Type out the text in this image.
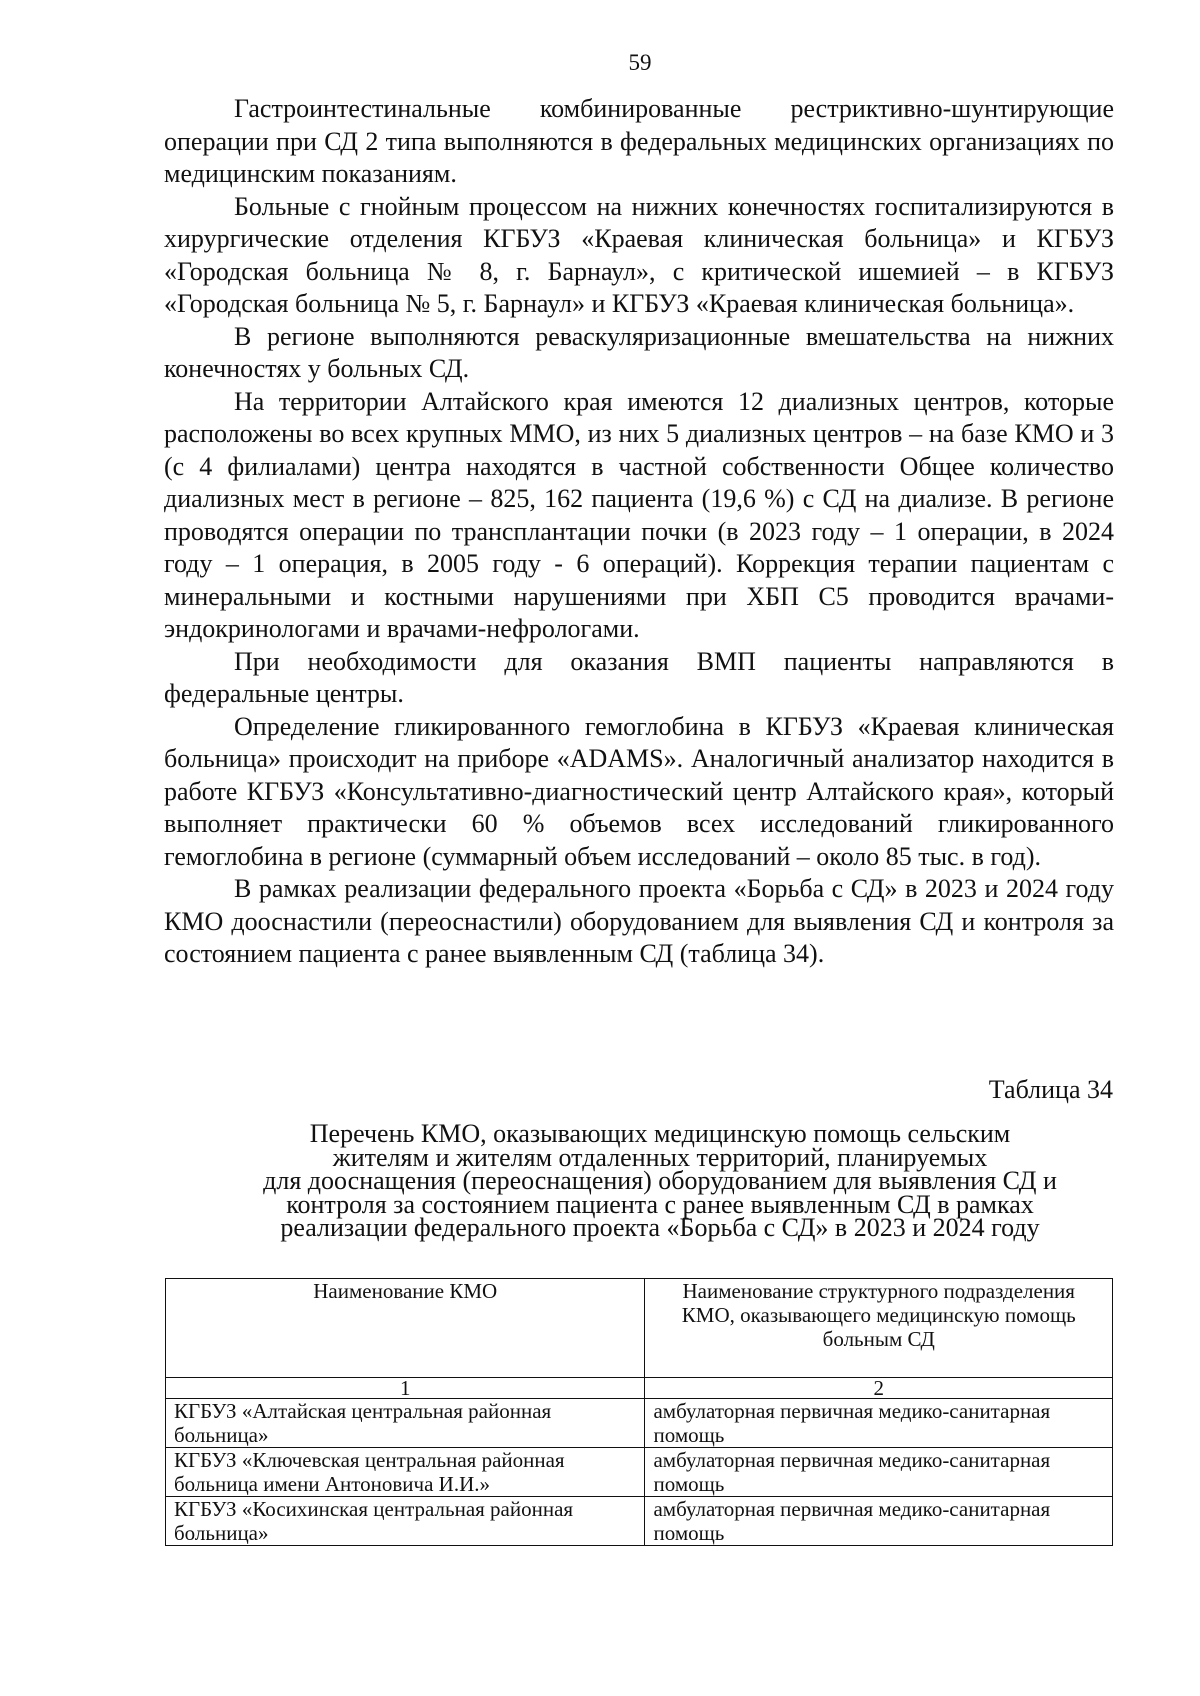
59

Гастроинтестинальные комбинированные рестриктивно-шунтирующие операции при СД 2 типа выполняются в федеральных медицинских организациях по медицинским показаниям.

Больные с гнойным процессом на нижних конечностях госпитализируются в хирургические отделения КГБУЗ «Краевая клиническая больница» и КГБУЗ «Городская больница № 8, г. Барнаул», с критической ишемией – в КГБУЗ «Городская больница № 5, г. Барнаул» и КГБУЗ «Краевая клиническая больница».

В регионе выполняются реваскуляризационные вмешательства на нижних конечностях у больных СД.

На территории Алтайского края имеются 12 диализных центров, которые расположены во всех крупных ММО, из них 5 диализных центров – на базе КМО и 3 (с 4 филиалами) центра находятся в частной собственности Общее количество диализных мест в регионе – 825, 162 пациента (19,6 %) с СД на диализе. В регионе проводятся операции по трансплантации почки (в 2023 году – 1 операции, в 2024 году – 1 операция, в 2005 году - 6 операций). Коррекция терапии пациентам с минеральными и костными нарушениями при ХБП С5 проводится врачами-эндокринологами и врачами-нефрологами.

При необходимости для оказания ВМП пациенты направляются в федеральные центры.

Определение гликированного гемоглобина в КГБУЗ «Краевая клиническая больница» происходит на приборе «ADAMS». Аналогичный анализатор находится в работе КГБУЗ «Консультативно-диагностический центр Алтайского края», который выполняет практически 60 % объемов всех исследований гликированного гемоглобина в регионе (суммарный объем исследований – около 85 тыс. в год).

В рамках реализации федерального проекта «Борьба с СД» в 2023 и 2024 году КМО дооснастили (переоснастили) оборудованием для выявления СД и контроля за состоянием пациента с ранее выявленным СД (таблица 34).

Таблица 34
Перечень КМО, оказывающих медицинскую помощь сельским
жителям и жителям отдаленных территорий, планируемых
для дооснащения (переоснащения) оборудованием для выявления СД и
контроля за состоянием пациента с ранее выявленным СД в рамках
реализации федерального проекта «Борьба с СД» в 2023 и 2024 году
Наименование КМО	Наименование структурного подразделения КМО, оказывающего медицинскую помощь больным СД
1	2
КГБУЗ «Алтайская центральная районная больница»	амбулаторная первичная медико-санитарная помощь
КГБУЗ «Ключевская центральная районная больница имени Антоновича И.И.»	амбулаторная первичная медико-санитарная помощь
КГБУЗ «Косихинская центральная районная больница»	амбулаторная первичная медико-санитарная помощь
